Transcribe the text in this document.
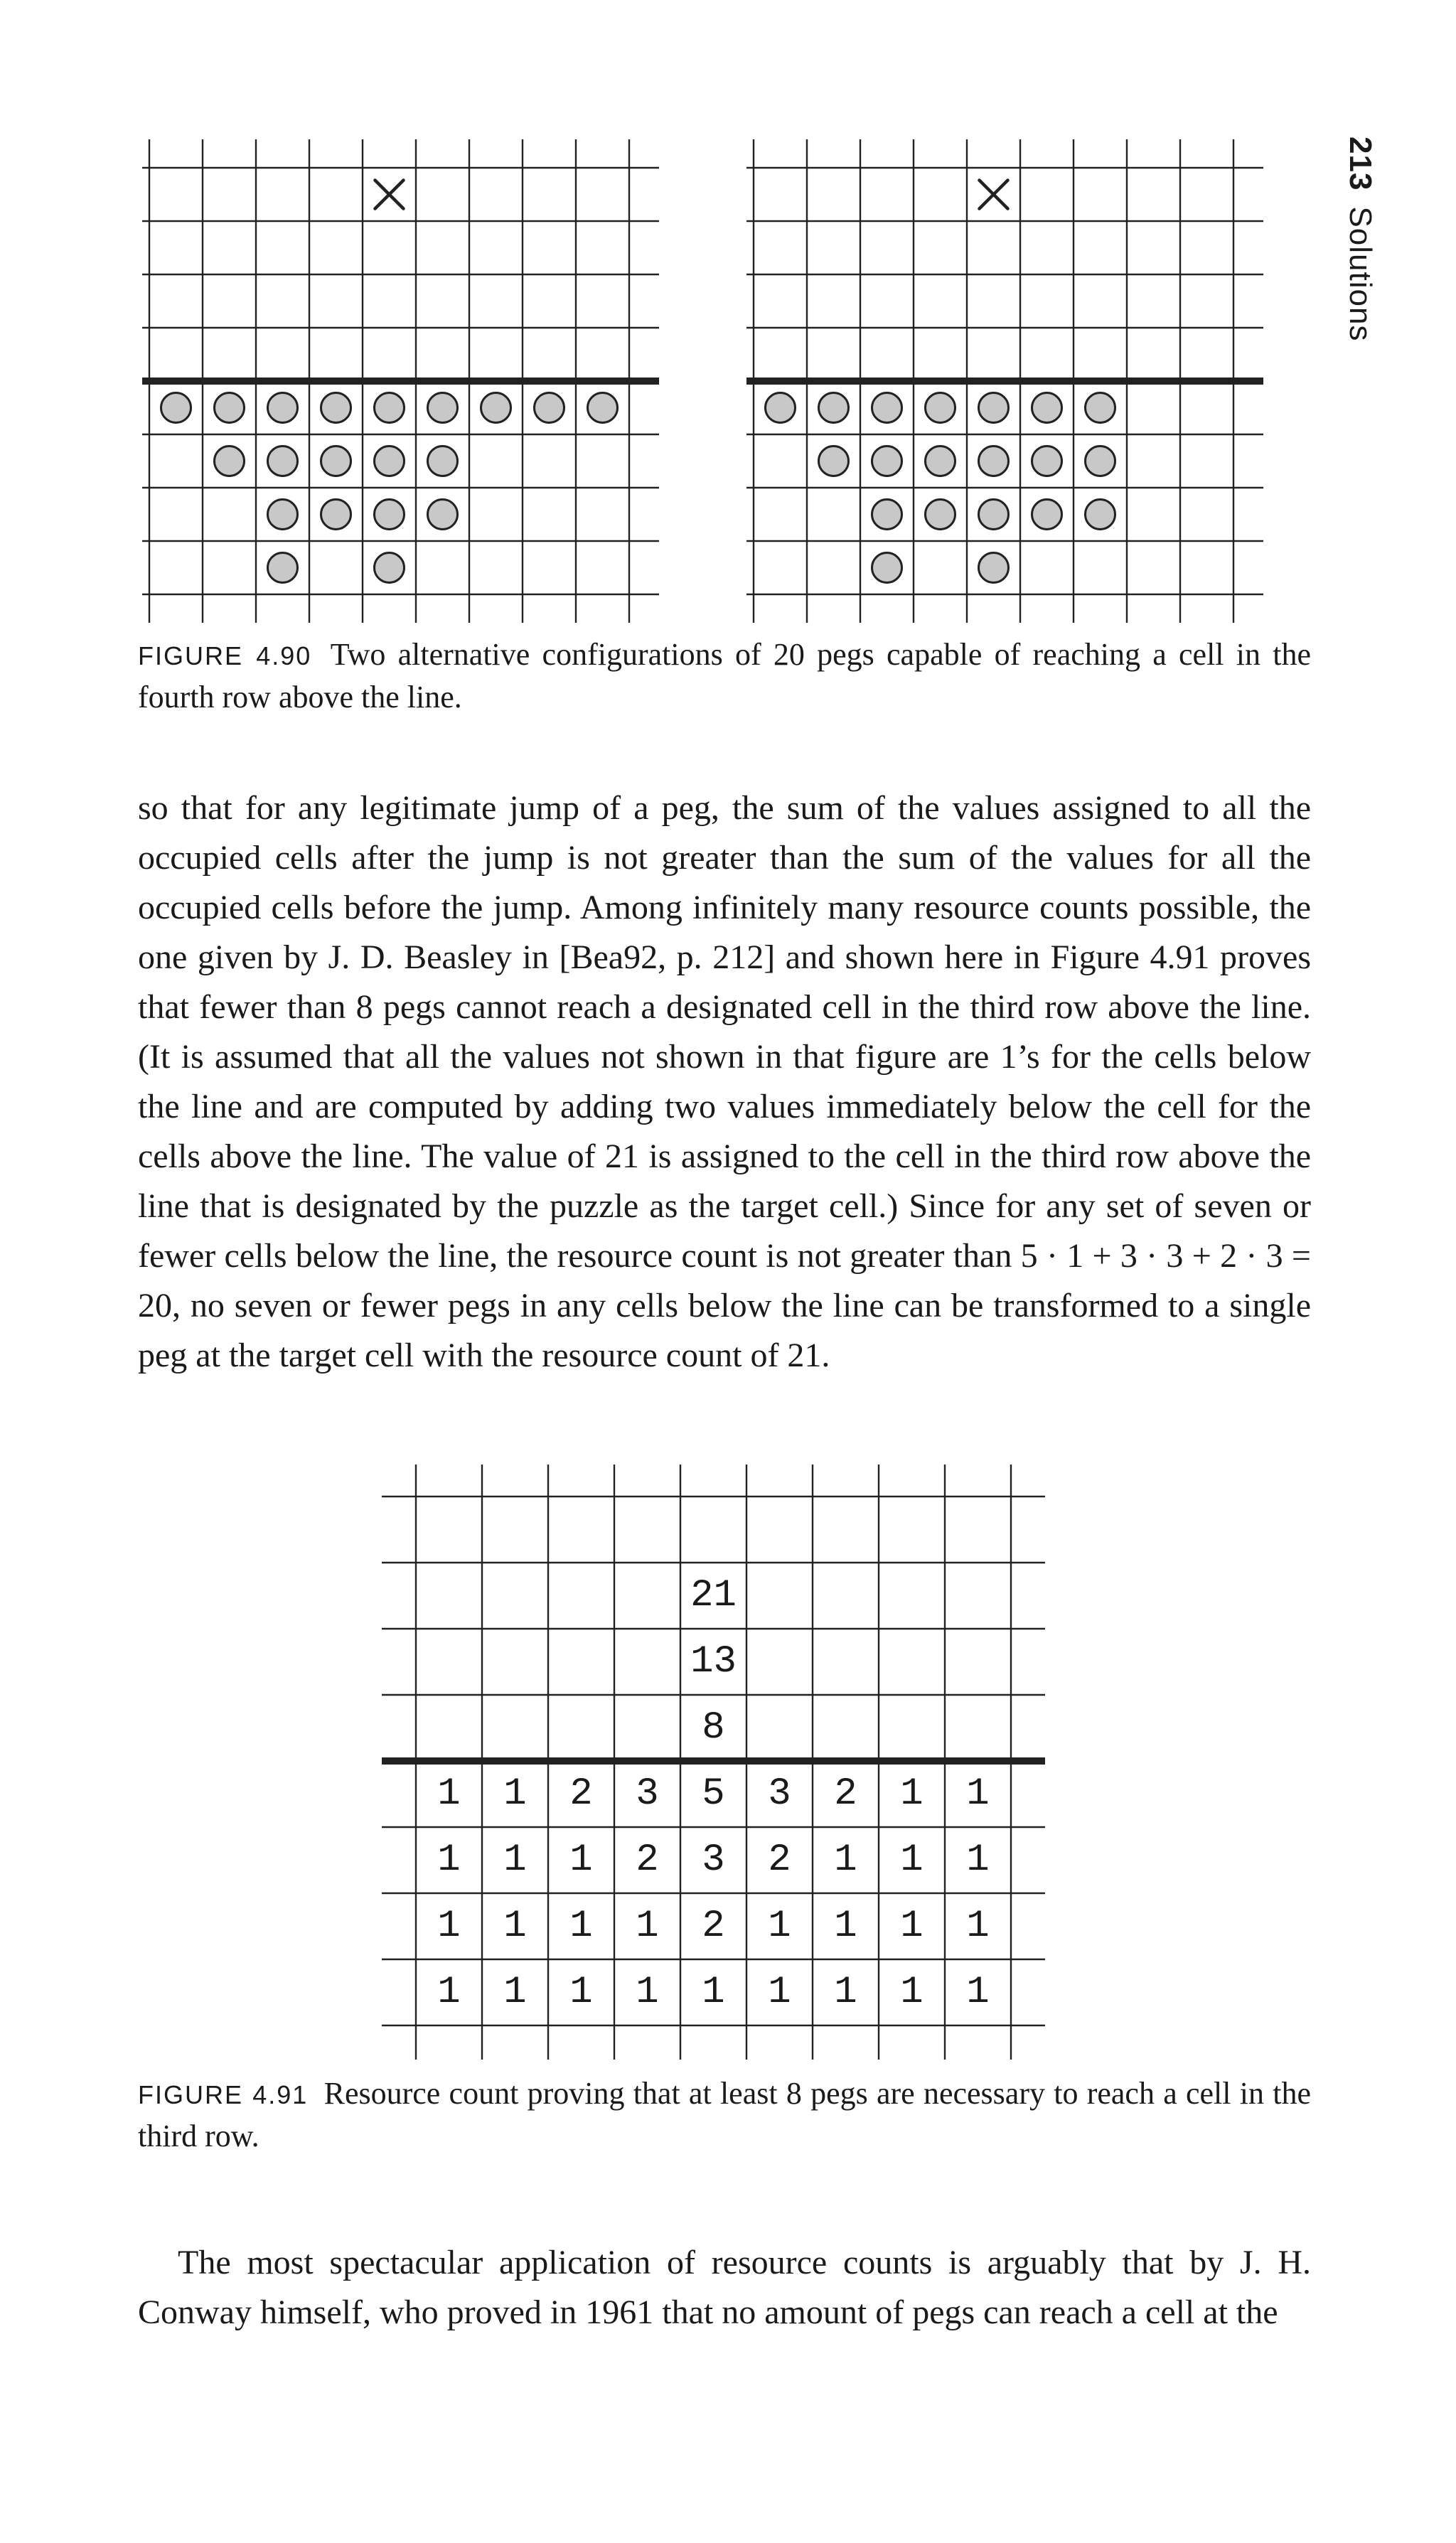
213Solutions
FIGURE 4.90 Two alternative configurations of 20 pegs capable of reaching a cell in the fourth row above the line.

so that for any legitimate jump of a peg, the sum of the values assigned to all the occupied cells after the jump is not greater than the sum of the values for all the occupied cells before the jump. Among infinitely many resource counts possible, the one given by J. D. Beasley in [Bea92, p. 212] and shown here in Figure 4.91 proves that fewer than 8 pegs cannot reach a designated cell in the third row above the line. (It is assumed that all the values not shown in that figure are 1’s for the cells below the line and are computed by adding two values immediately below the cell for the cells above the line. The value of 21 is assigned to the cell in the third row above the line that is designated by the puzzle as the target cell.) Since for any set of seven or fewer cells below the line, the resource count is not greater than 5 · 1 + 3 · 3 + 2 · 3 = 20, no seven or fewer pegs in any cells below the line can be transformed to a single peg at the target cell with the resource count of 21.

21
13
8
1 1 2 3 5 3 2 1 1
1 1 1 2 3 2 1 1 1
1 1 1 1 2 1 1 1 1
1 1 1 1 1 1 1 1 1
FIGURE 4.91 Resource count proving that at least 8 pegs are necessary to reach a cell in the third row.

The most spectacular application of resource counts is arguably that by J. H. Conway himself, who proved in 1961 that no amount of pegs can reach a cell at the
